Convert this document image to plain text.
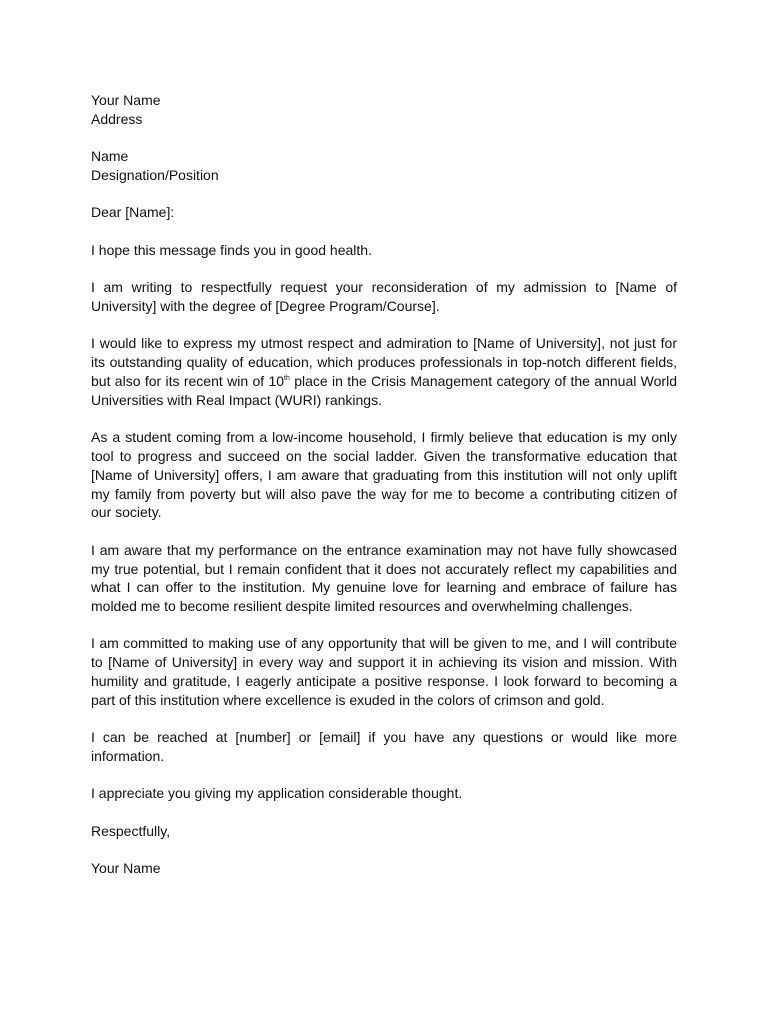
Your Name
Address
Name
Designation/Position

Dear [Name]:

I hope this message finds you in good health.

I am writing to respectfully request your reconsideration of my admission to [Name of University] with the degree of [Degree Program/Course].

I would like to express my utmost respect and admiration to [Name of University], not just for its outstanding quality of education, which produces professionals in top-notch different fields, but also for its recent win of 10th place in the Crisis Management category of the annual World Universities with Real Impact (WURI) rankings.

As a student coming from a low-income household, I firmly believe that education is my only tool to progress and succeed on the social ladder. Given the transformative education that [Name of University] offers, I am aware that graduating from this institution will not only uplift my family from poverty but will also pave the way for me to become a contributing citizen of our society.

I am aware that my performance on the entrance examination may not have fully showcased my true potential, but I remain confident that it does not accurately reflect my capabilities and what I can offer to the institution. My genuine love for learning and embrace of failure has molded me to become resilient despite limited resources and overwhelming challenges.

I am committed to making use of any opportunity that will be given to me, and I will contribute to [Name of University] in every way and support it in achieving its vision and mission. With humility and gratitude, I eagerly anticipate a positive response. I look forward to becoming a part of this institution where excellence is exuded in the colors of crimson and gold.

I can be reached at [number] or [email] if you have any questions or would like more information.

I appreciate you giving my application considerable thought.

Respectfully,

Your Name
